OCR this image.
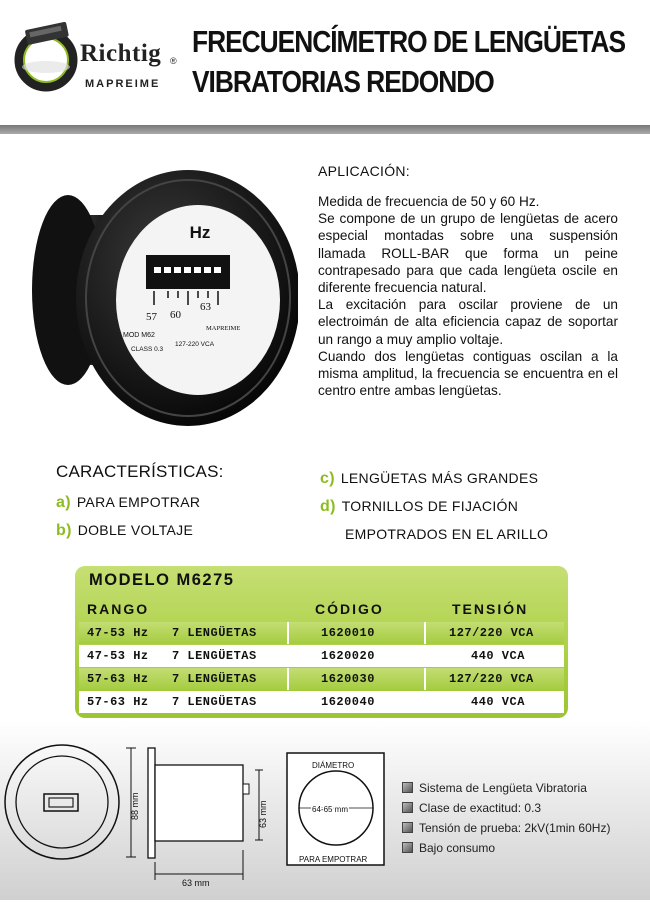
Richtig ®
MAPREIME
FRECUENCÍMETRO DE LENGÜETAS
VIBRATORIAS REDONDO
Hz
57 60
63
MOD M62
MAPREIME
CLASS 0.3
127-220 VCA
APLICACIÓN:

Medida de frecuencia de 50 y 60 Hz.

Se compone de un grupo de lengüetas de acero especial montadas sobre una suspensión llamada ROLL-BAR que forma un peine contrapesado para que cada lengüeta oscile en diferente frecuencia natural.

La excitación para oscilar proviene de un electroimán de alta eficiencia capaz de soportar un rango a muy amplio voltaje.

Cuando dos lengüetas contiguas oscilan a la misma amplitud, la frecuencia se encuentra en el centro entre ambas lengüetas.

CARACTERÍSTICAS:
a) PARA EMPOTRAR
b) DOBLE VOLTAJE
c) LENGÜETAS MÁS GRANDES
d) TORNILLOS DE FIJACIÓN
EMPOTRADOS EN EL ARILLO
MODELO M6275
RANGO	CÓDIGO	TENSIÓN
47-53 Hz 7 LENGÜETAS	1620010	127/220 VCA
47-53 Hz 7 LENGÜETAS	1620020	440 VCA
57-63 Hz 7 LENGÜETAS	1620030	127/220 VCA
57-63 Hz 7 LENGÜETAS	1620040	440 VCA
88 mm	63 mm
63 mm
DIÁMETRO
64-65 mm
PARA EMPOTRAR
Sistema de Lengüeta Vibratoria
Clase de exactitud: 0.3
Tensión de prueba: 2kV(1min 60Hz)
Bajo consumo
